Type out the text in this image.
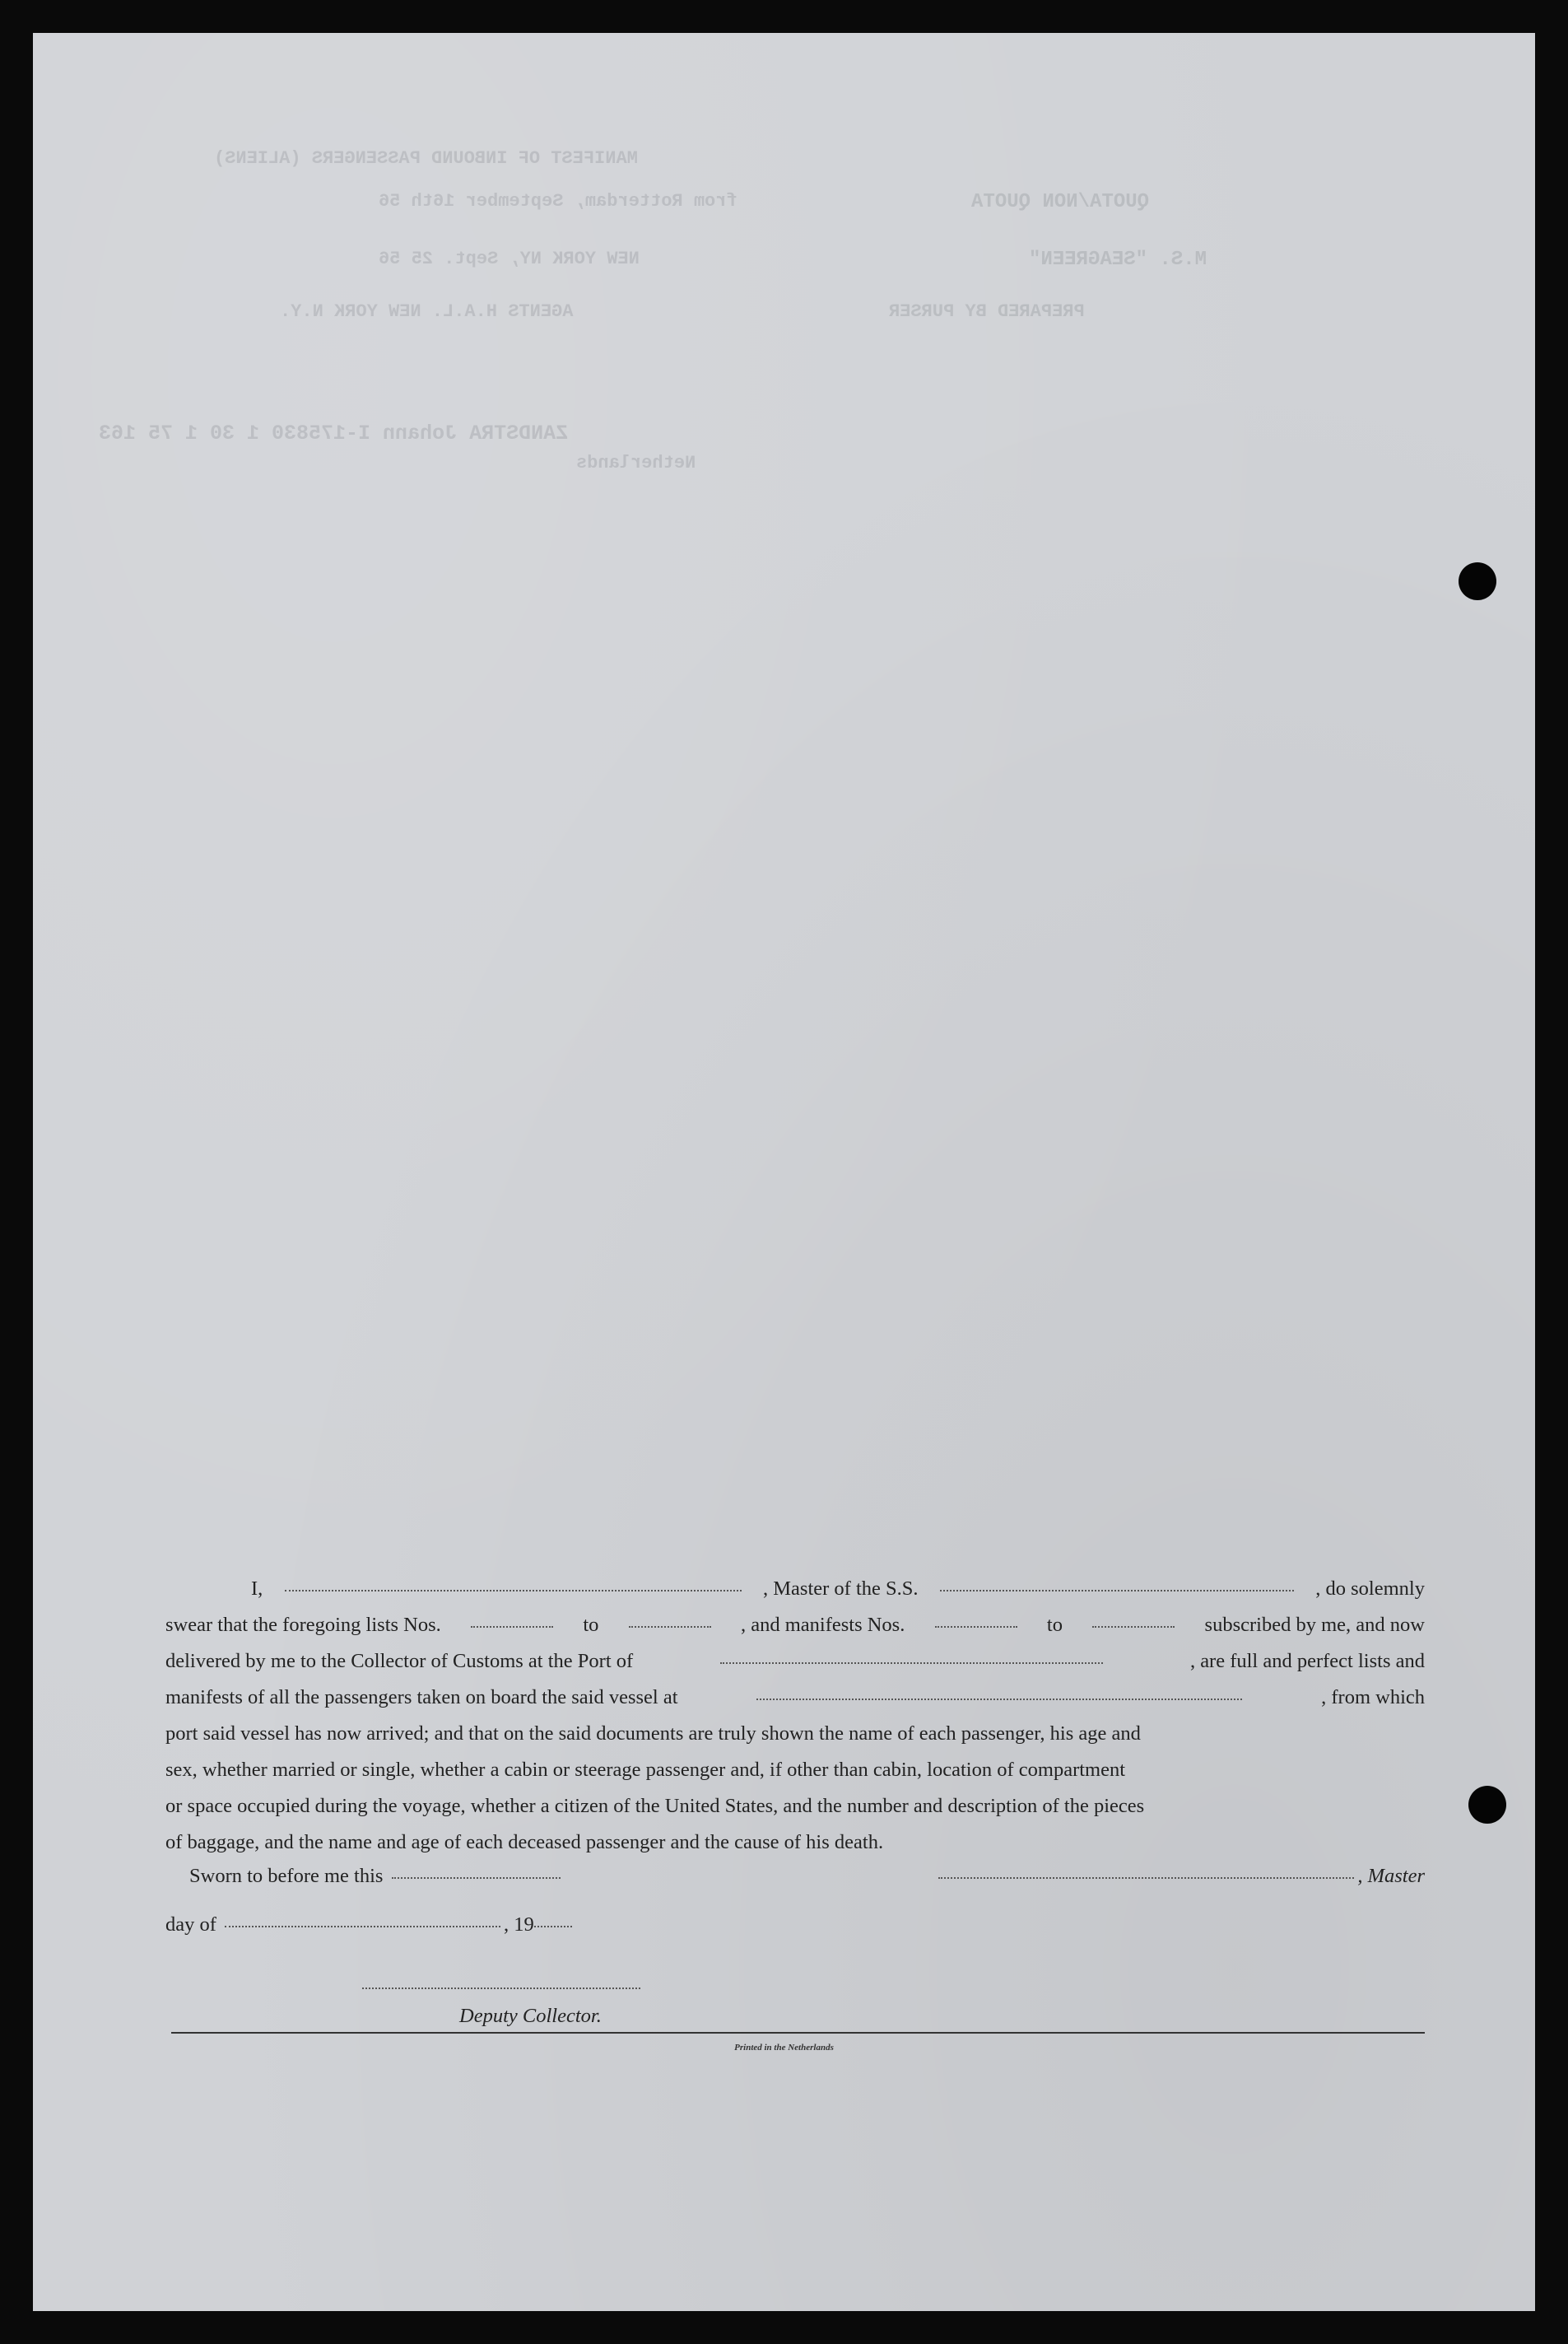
MANIFEST OF INBOUND PASSENGERS (ALIENS)
QUOTA/NON QUOTA
from Rotterdam, September 16th 56
M.S. "SEAGREEN"
NEW YORK NY, Sept. 25 56
PREPARED BY PURSER
AGENTS H.A.L. NEW YORK N.Y.
ZANDSTRA Johann I-175830 1 30 1 75 163
Netherlands
I,	, Master of the S.S.	, do solemnly
swear that the foregoing lists Nos.	to	, and manifests Nos.	to	subscribed by me, and now
delivered by me to the Collector of Customs at the Port of	, are full and perfect lists and
manifests of all the passengers taken on board the said vessel at	, from which
port said vessel has now arrived; and that on the said documents are truly shown the name of each passenger, his age and
sex, whether married or single, whether a cabin or steerage passenger and, if other than cabin, location of compartment
or space occupied during the voyage, whether a citizen of the United States, and the number and description of the pieces
of baggage, and the name and age of each deceased passenger and the cause of his death.
Sworn to before me this	, Master
day of	, 19
Deputy Collector.
Printed in the Netherlands
